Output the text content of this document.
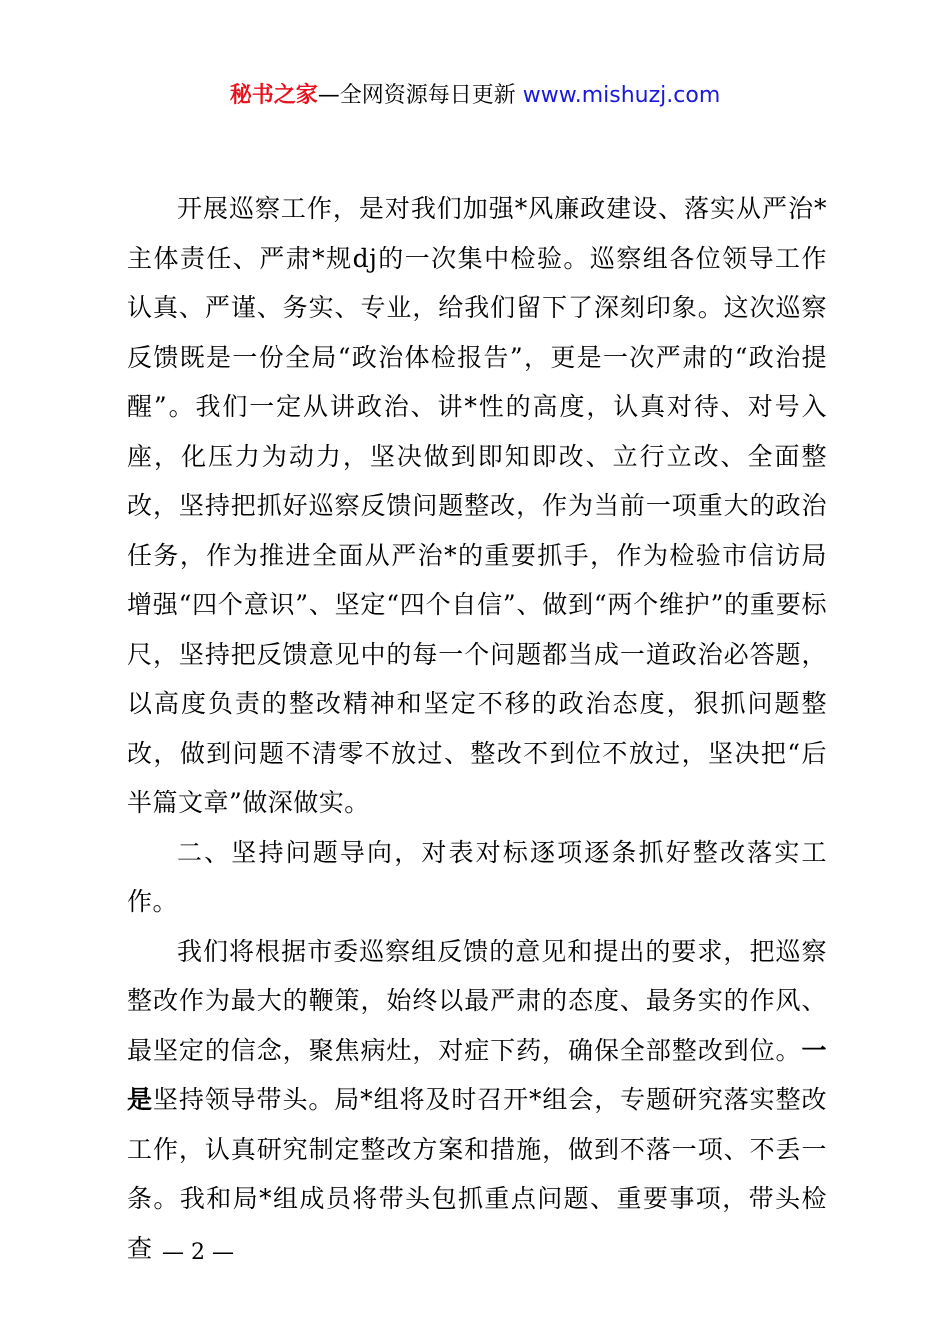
秘书之家—全网资源每日更新 www.mishuzj.com

开展巡察工作，是对我们加强*风廉政建设、落实从严治*主体责任、严肃*规dj的一次集中检验。巡察组各位领导工作认真、严谨、务实、专业，给我们留下了深刻印象。这次巡察反馈既是一份全局“政治体检报告”，更是一次严肃的“政治提醒”。我们一定从讲政治、讲*性的高度，认真对待、对号入座，化压力为动力，坚决做到即知即改、立行立改、全面整改，坚持把抓好巡察反馈问题整改，作为当前一项重大的政治任务，作为推进全面从严治*的重要抓手，作为检验市信访局增强“四个意识”、坚定“四个自信”、做到“两个维护”的重要标尺，坚持把反馈意见中的每一个问题都当成一道政治必答题，以高度负责的整改精神和坚定不移的政治态度，狠抓问题整改，做到问题不清零不放过、整改不到位不放过，坚决把“后半篇文章”做深做实。

二、坚持问题导向，对表对标逐项逐条抓好整改落实工作。

我们将根据市委巡察组反馈的意见和提出的要求，把巡察整改作为最大的鞭策，始终以最严肃的态度、最务实的作风、最坚定的信念，聚焦病灶，对症下药，确保全部整改到位。一是坚持领导带头。局*组将及时召开*组会，专题研究落实整改工作，认真研究制定整改方案和措施，做到不落一项、不丢一条。我和局*组成员将带头包抓重点问题、重要事项，带头检查 — 2 —
